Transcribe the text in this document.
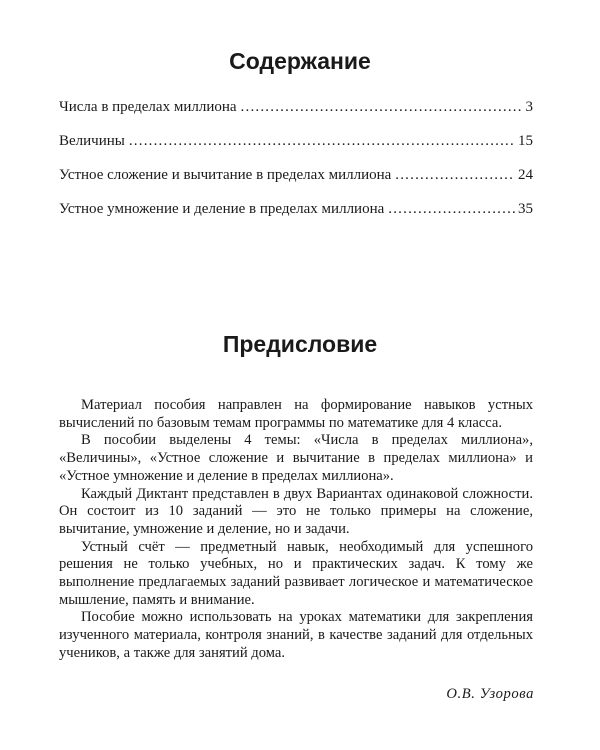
Содержание
Числа в пределах миллиона .....	3
Величины .....	15
Устное сложение и вычитание в пределах миллиона .....	24
Устное умножение и деление в пределах миллиона .....	35
Предисловие

Материал пособия направлен на формирование навыков устных вычислений по базовым темам программы по математике для 4 класса.

В пособии выделены 4 темы: «Числа в пределах миллиона», «Величины», «Устное сложение и вычитание в пределах миллиона» и «Устное умножение и деление в пределах миллиона».

Каждый Диктант представлен в двух Вариантах одинаковой сложности. Он состоит из 10 заданий — это не только примеры на сложение, вычитание, умножение и деление, но и задачи.

Устный счёт — предметный навык, необходимый для успешного решения не только учебных, но и практических задач. К тому же выполнение предлагаемых заданий развивает логическое и математическое мышление, память и внимание.

Пособие можно использовать на уроках математики для закрепления изученного материала, контроля знаний, в качестве заданий для отдельных учеников, а также для занятий дома.

О.В. Узорова
